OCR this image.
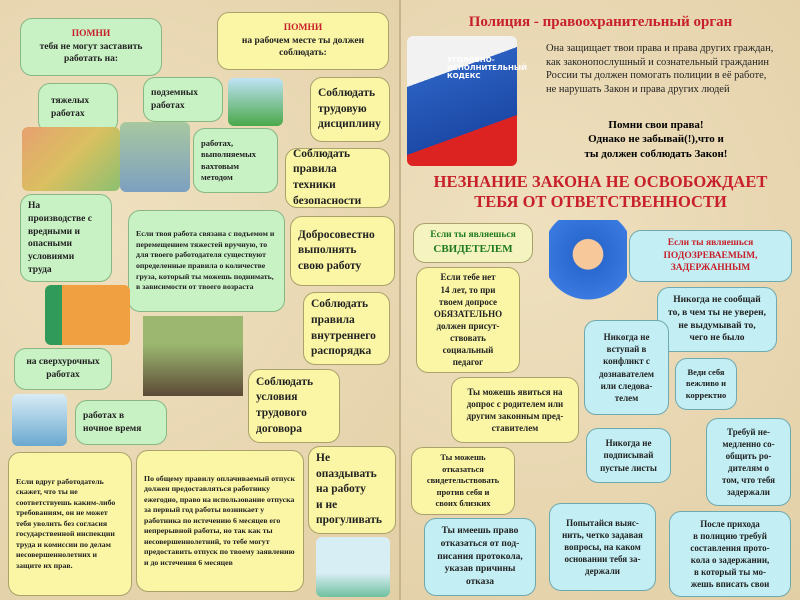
ПОМНИ
тебя не могут заставить
работать на:
ПОМНИ
на рабочем месте ты должен
соблюдать:
тяжелых
работах
подземных
работах
работах,
выполняемых
вахтовым
методом
Соблюдать
трудовую
дисциплину
Соблюдать
правила техники
безопасности
На
производстве с
вредными и
опасными
условиями
труда
Если твоя работа связана с подъемом и перемещением тяжестей вручную, то для твоего работодателя существуют определенные правила о количестве груза, который ты можешь поднимать, в зависимости от твоего возраста
Добросовестно
выполнять
свою работу
Соблюдать
правила
внутреннего
распорядка
на сверхурочных
работах
Соблюдать
условия
трудового
договора
работах в
ночное время
Не
опаздывать
на работу
и не
прогуливать
Если вдруг работодатель скажет, что ты не соответствуешь каким-либо требованиям, он не может тебя уволить без согласия государственной инспекции труда и комиссии по делам несовершеннолетних и защите их прав.
По общему правилу оплачиваемый отпуск должен предоставляться работнику ежегодно, право на использование отпуска за первый год работы возникает у работника по истечению 6 месяцев его непрерывной работы, но так как ты несовершеннолетний, то тебе могут предоставить отпуск по твоему заявлению и до истечения 6 месяцев
Полиция - правоохранительный орган
УГОЛОВНО-ИСПОЛНИТЕЛЬНЫЙ КОДЕКС
Она защищает твои права и права других граждан, как законопослушный и сознательный гражданин России ты должен помогать полиции в её работе, не нарушать Закон и права других людей
Помни свои права!
Однако не забывай(!),что и
ты должен соблюдать Закон!
НЕЗНАНИЕ ЗАКОНА НЕ ОСВОБОЖДАЕТ
ТЕБЯ ОТ ОТВЕТСТВЕННОСТИ
Если ты являешься
СВИДЕТЕЛЕМ
Если ты являешься
ПОДОЗРЕВАЕМЫМ,
ЗАДЕРЖАННЫМ
Если тебе нет
14 лет, то при
твоем допросе
ОБЯЗАТЕЛЬНО
должен присут-
ствовать
социальный
педагог
Никогда не сообщай
то, в чем ты не уверен,
не выдумывай то,
чего не было
Никогда не
вступай в
конфликт с
дознавателем
или следова-
телем
Ты можешь явиться на
допрос с родителем или
другим законным пред-
ставителем
Веди себя
вежливо и
корректно
Ты можешь
отказаться
свидетельствовать
против себя и
своих близких
Никогда не
подписывай
пустые листы
Требуй не-
медленно со-
общить ро-
дителям о
том, что тебя
задержали
Ты имеешь право
отказаться от под-
писания протокола,
указав причины
отказа
Попытайся выяс-
нить, четко задавая
вопросы, на каком
основании тебя за-
держали
После прихода
в полицию требуй
составления прото-
кола о задержании,
в который ты мо-
жешь вписать свои
